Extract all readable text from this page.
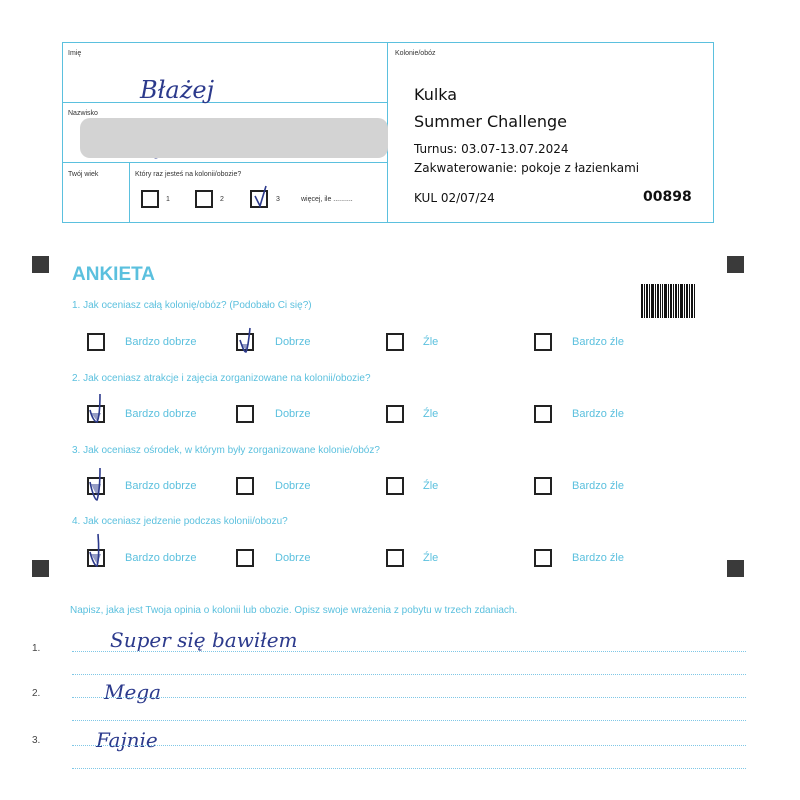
Imię
Błażej
Nazwisko
Twój wiek	Który raz jesteś na kolonii/obozie?
1	2	3	więcej, ile ..........
Kolonie/obóz
Kulka
Summer Challenge
Turnus: 03.07-13.07.2024
Zakwaterowanie: pokoje z łazienkami
KUL 02/07/24	00898
ANKIETA
1. Jak oceniasz całą kolonię/obóz? (Podobało Ci się?)
Bardzo dobrze	Dobrze	Źle	Bardzo źle
2. Jak oceniasz atrakcje i zajęcia zorganizowane na kolonii/obozie?
Bardzo dobrze	Dobrze	Źle	Bardzo źle
3. Jak oceniasz ośrodek, w którym były zorganizowane kolonie/obóz?
Bardzo dobrze	Dobrze	Źle	Bardzo źle
4. Jak oceniasz jedzenie podczas kolonii/obozu?
Bardzo dobrze	Dobrze	Źle	Bardzo źle
Napisz, jaka jest Twoja opinia o kolonii lub obozie. Opisz swoje wrażenia z pobytu w trzech zdaniach.
1.	Super się bawiłem
2.	Mega
3.	Fajnie
